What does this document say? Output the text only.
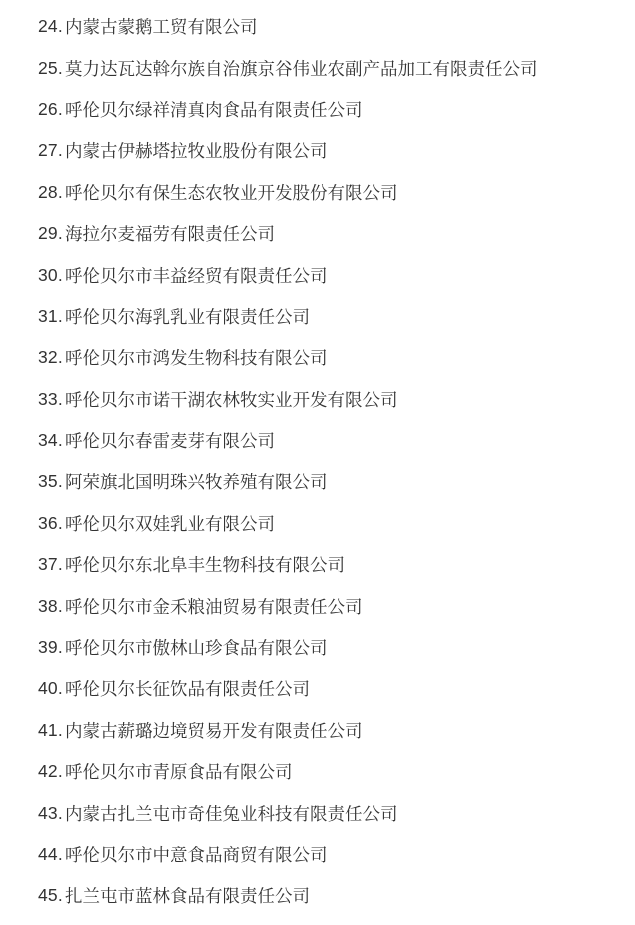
24. 内蒙古蒙鹅工贸有限公司
25. 莫力达瓦达斡尔族自治旗京谷伟业农副产品加工有限责任公司
26. 呼伦贝尔绿祥清真肉食品有限责任公司
27. 内蒙古伊赫塔拉牧业股份有限公司
28. 呼伦贝尔有保生态农牧业开发股份有限公司
29. 海拉尔麦福劳有限责任公司
30. 呼伦贝尔市丰益经贸有限责任公司
31. 呼伦贝尔海乳乳业有限责任公司
32. 呼伦贝尔市鸿发生物科技有限公司
33. 呼伦贝尔市诺干湖农林牧实业开发有限公司
34. 呼伦贝尔春雷麦芽有限公司
35. 阿荣旗北国明珠兴牧养殖有限公司
36. 呼伦贝尔双娃乳业有限公司
37. 呼伦贝尔东北阜丰生物科技有限公司
38. 呼伦贝尔市金禾粮油贸易有限责任公司
39. 呼伦贝尔市傲林山珍食品有限公司
40. 呼伦贝尔长征饮品有限责任公司
41. 内蒙古薪璐边境贸易开发有限责任公司
42. 呼伦贝尔市青原食品有限公司
43. 内蒙古扎兰屯市奇佳兔业科技有限责任公司
44. 呼伦贝尔市中意食品商贸有限公司
45. 扎兰屯市蓝林食品有限责任公司
